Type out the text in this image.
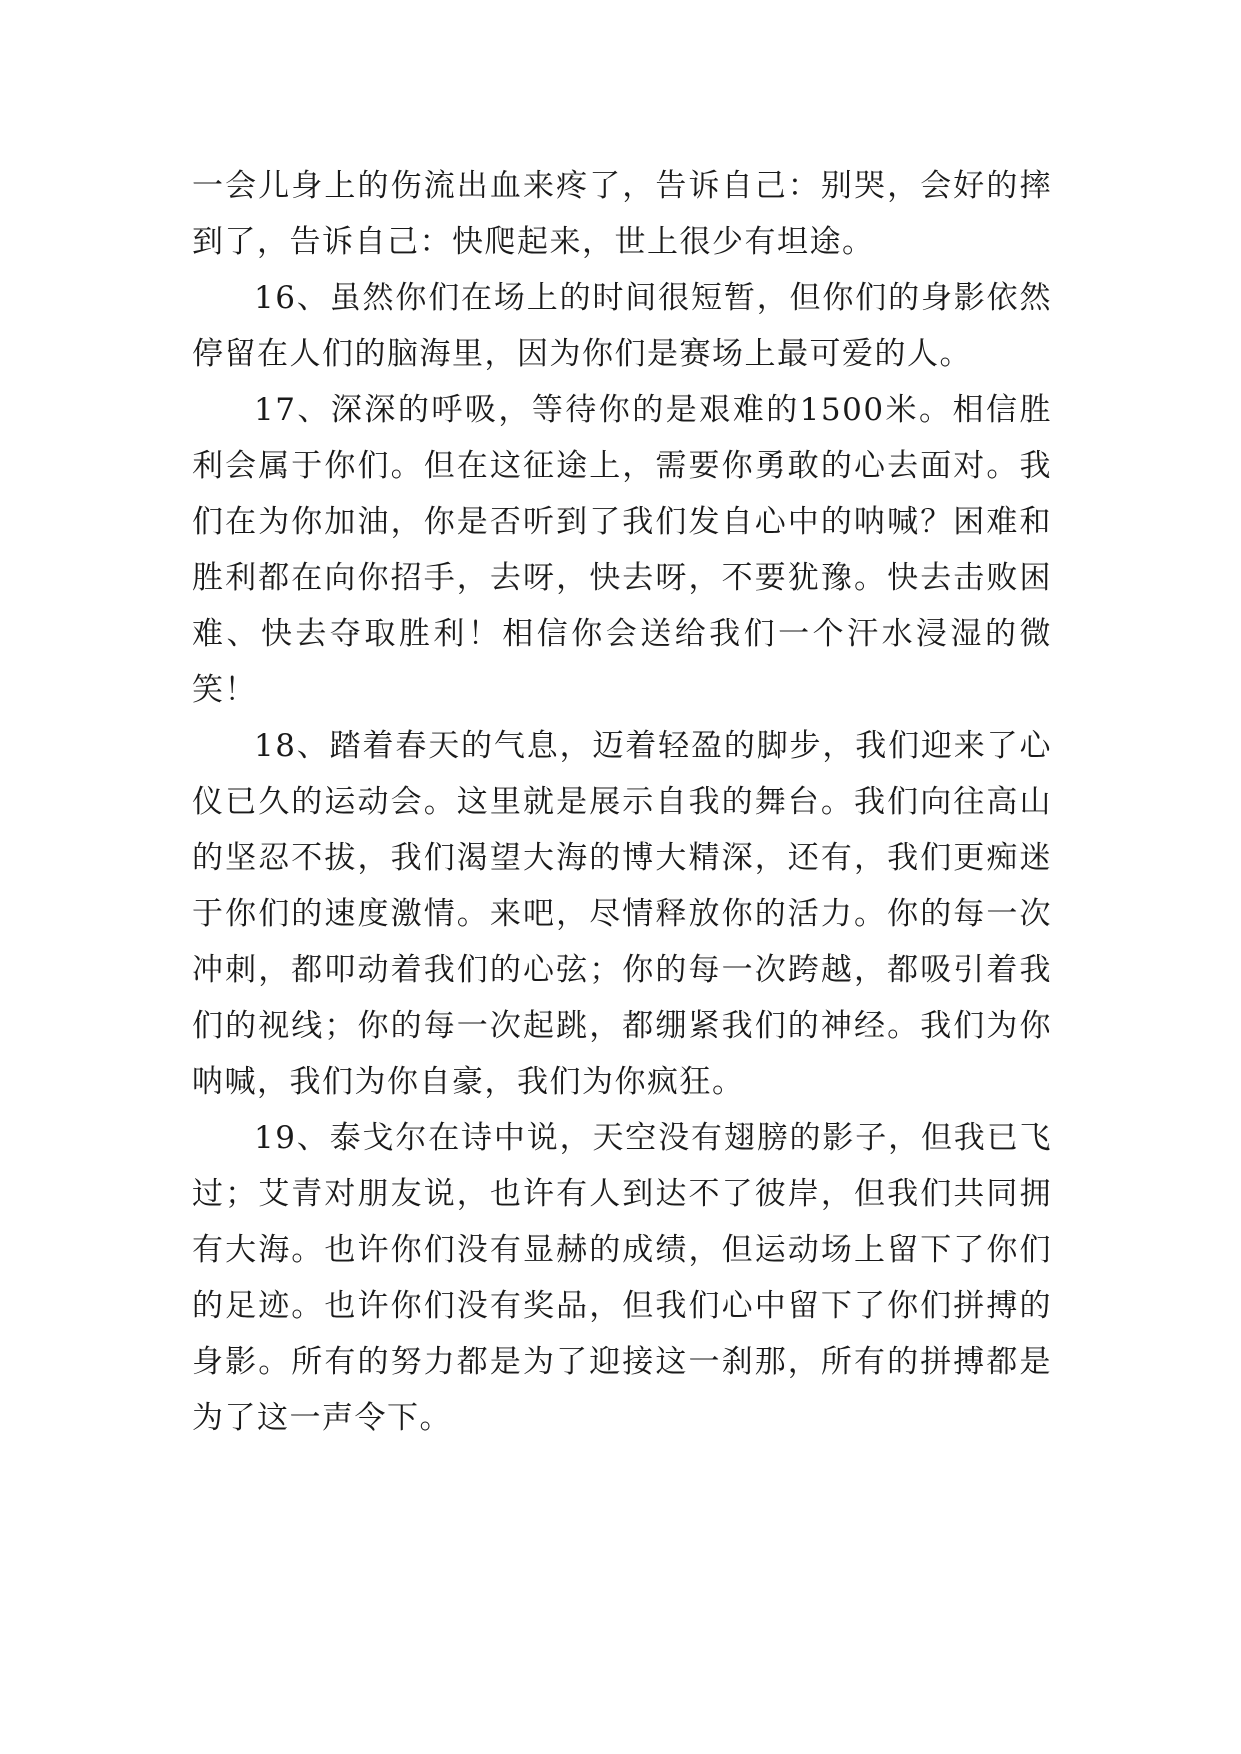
一会儿身上的伤流出血来疼了，告诉自己：别哭，会好的摔到了，告诉自己：快爬起来，世上很少有坦途。

16、虽然你们在场上的时间很短暂，但你们的身影依然停留在人们的脑海里，因为你们是赛场上最可爱的人。

17、深深的呼吸，等待你的是艰难的1500米。相信胜利会属于你们。但在这征途上，需要你勇敢的心去面对。我们在为你加油，你是否听到了我们发自心中的呐喊？困难和胜利都在向你招手，去呀，快去呀，不要犹豫。快去击败困难、快去夺取胜利！相信你会送给我们一个汗水浸湿的微笑！

18、踏着春天的气息，迈着轻盈的脚步，我们迎来了心仪已久的运动会。这里就是展示自我的舞台。我们向往高山的坚忍不拔，我们渴望大海的博大精深，还有，我们更痴迷于你们的速度激情。来吧，尽情释放你的活力。你的每一次冲刺，都叩动着我们的心弦；你的每一次跨越，都吸引着我们的视线；你的每一次起跳，都绷紧我们的神经。我们为你呐喊，我们为你自豪，我们为你疯狂。

19、泰戈尔在诗中说，天空没有翅膀的影子，但我已飞过；艾青对朋友说，也许有人到达不了彼岸，但我们共同拥有大海。也许你们没有显赫的成绩，但运动场上留下了你们的足迹。也许你们没有奖品，但我们心中留下了你们拼搏的身影。所有的努力都是为了迎接这一刹那，所有的拼搏都是为了这一声令下。
